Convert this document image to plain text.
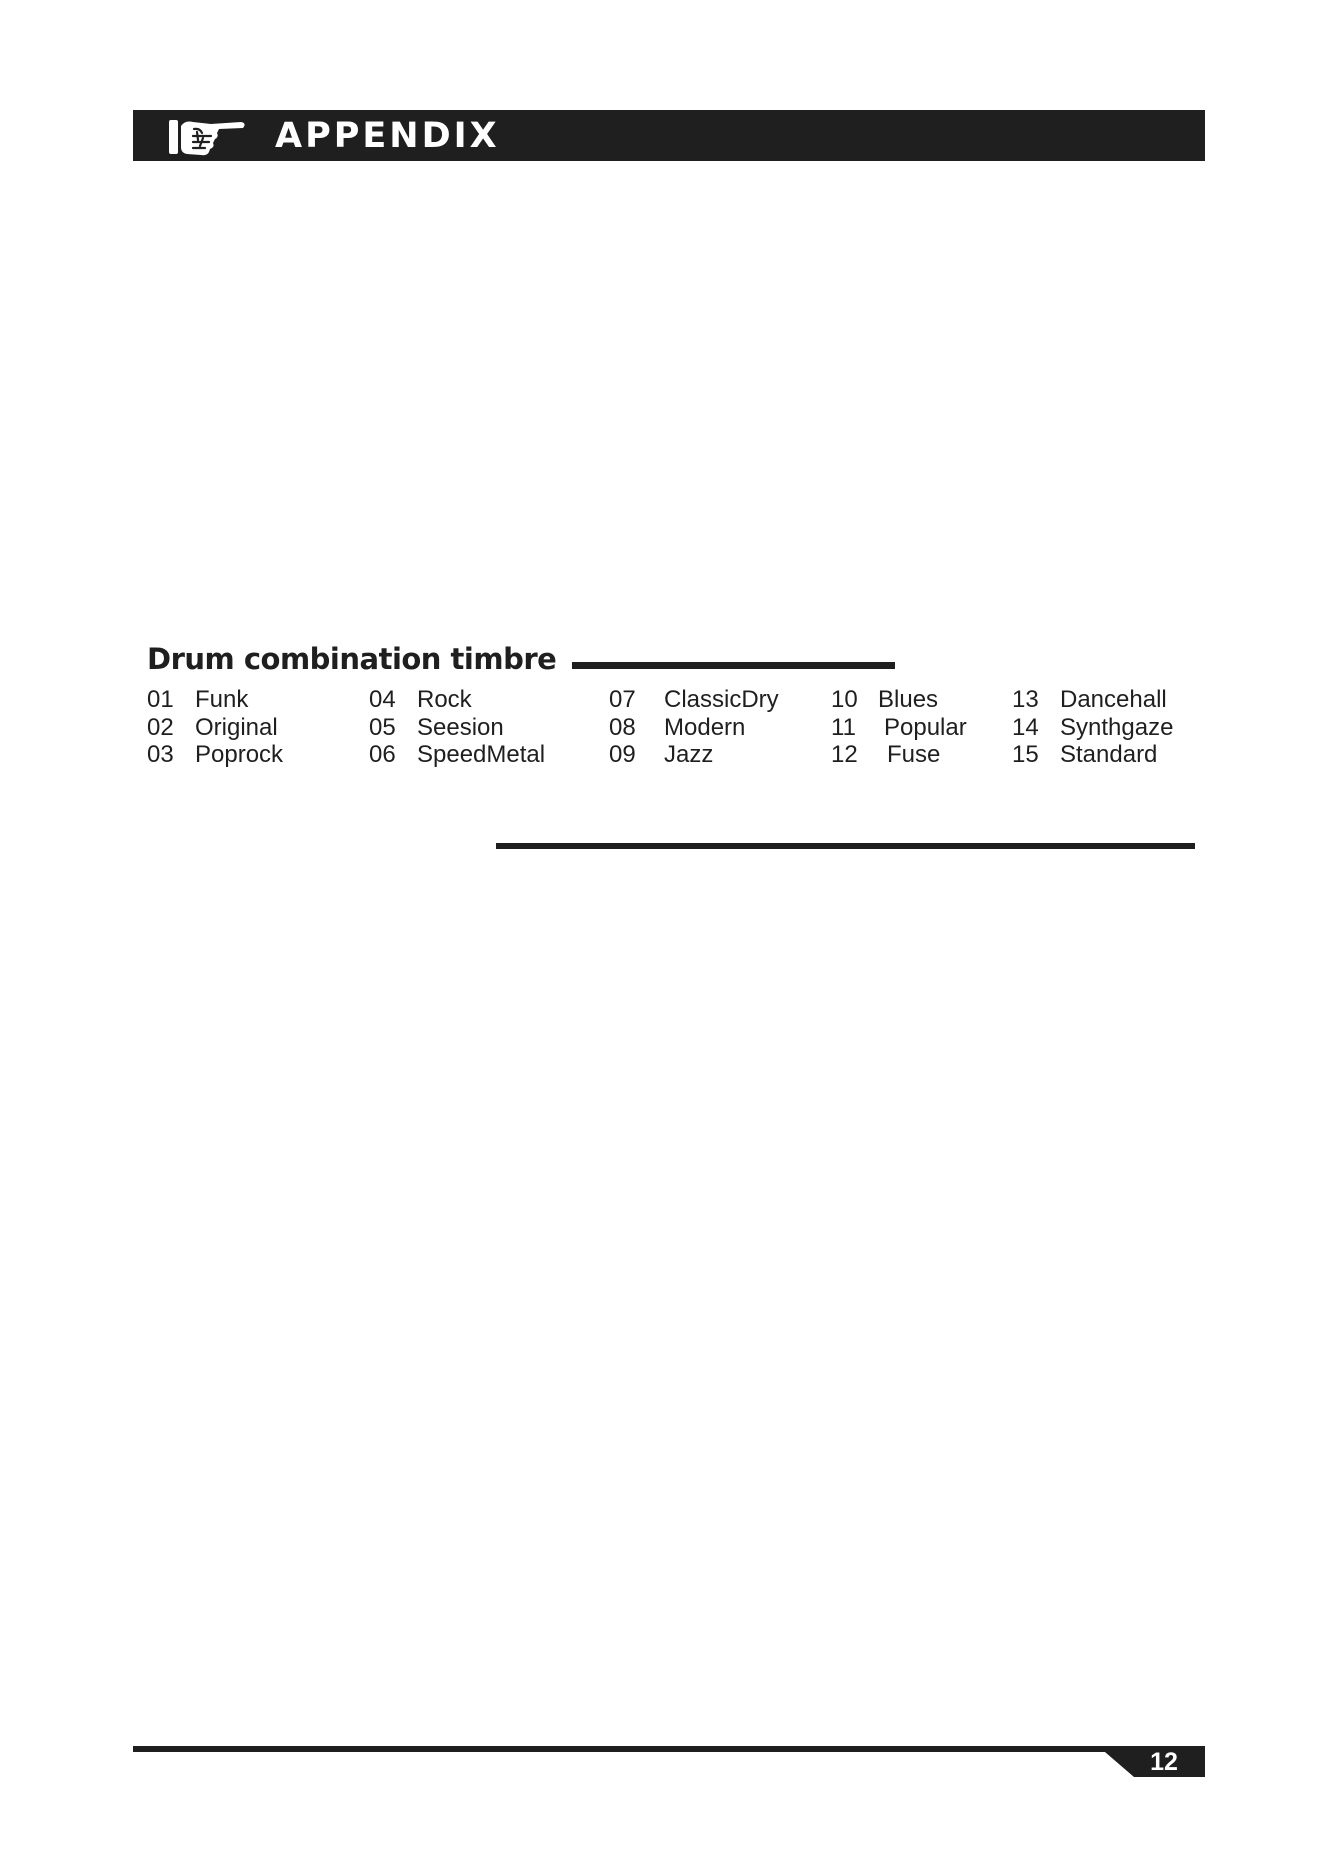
APPENDIX
Drum combination timbre
01 Funk
02 Original
03 Poprock
04 Rock
05 Seesion
06 SpeedMetal
07 ClassicDry
08 Modern
09 Jazz
10 Blues
11 Popular
12 Fuse
13 Dancehall
14 Synthgaze
15 Standard
12
